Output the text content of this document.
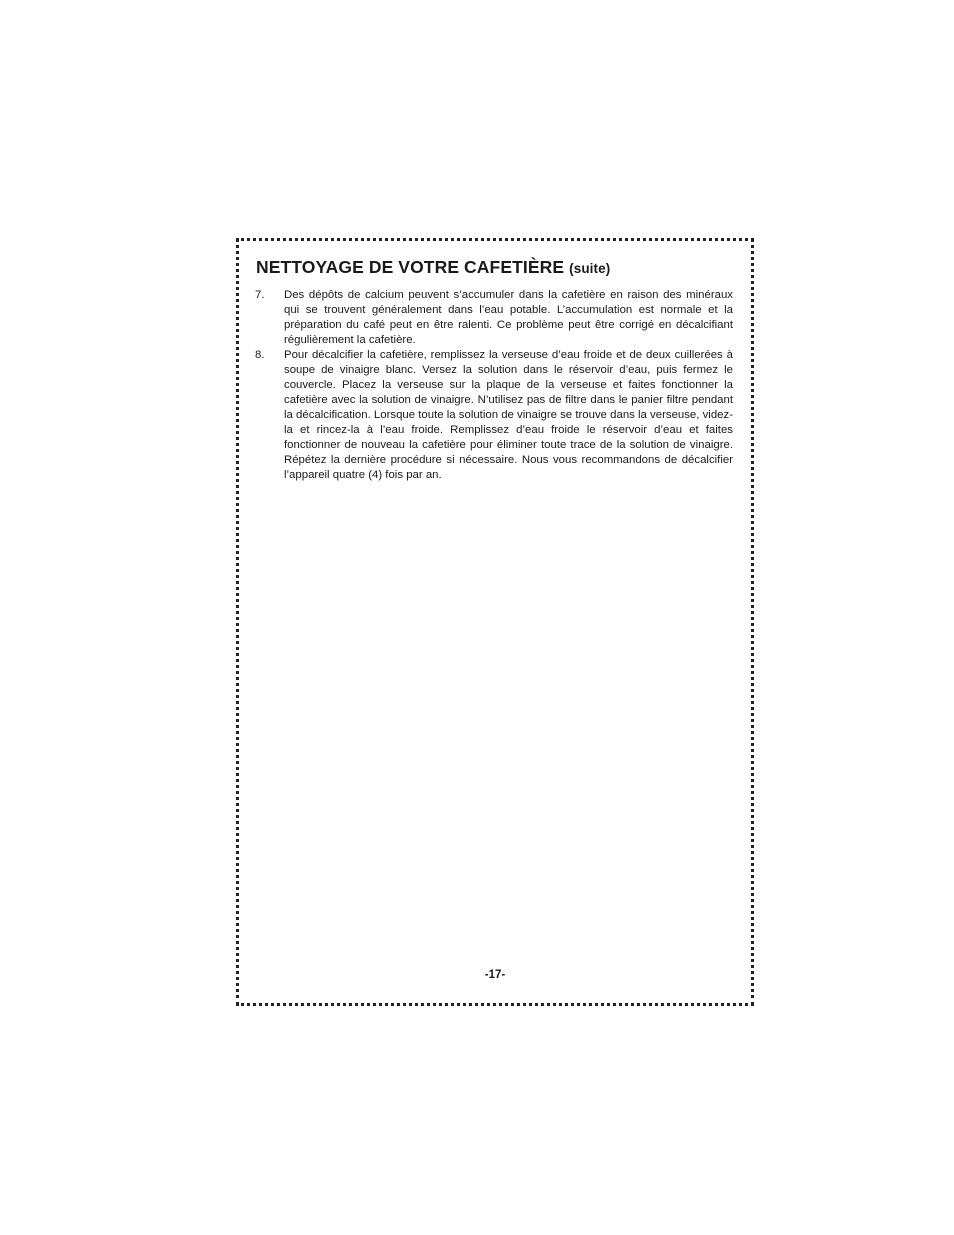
NETTOYAGE DE VOTRE CAFETIÈRE (suite)
7. Des dépôts de calcium peuvent s’accumuler dans la cafetière en raison des minéraux qui se trouvent généralement dans l’eau potable. L’accumulation est normale et la préparation du café peut en être ralenti. Ce problème peut être corrigé en décalcifiant régulièrement la cafetière.
8. Pour décalcifier la cafetière, remplissez la verseuse d’eau froide et de deux cuillerées à soupe de vinaigre blanc. Versez la solution dans le réservoir d’eau, puis fermez le couvercle. Placez la verseuse sur la plaque de la verseuse et faites fonctionner la cafetière avec la solution de vinaigre. N’utilisez pas de filtre dans le panier filtre pendant la décalcification. Lorsque toute la solution de vinaigre se trouve dans la verseuse, videz-la et rincez-la à l’eau froide. Remplissez d’eau froide le réservoir d’eau et faites fonctionner de nouveau la cafetière pour éliminer toute trace de la solution de vinaigre. Répétez la dernière procédure si nécessaire. Nous vous recommandons de décalcifier l’appareil quatre (4) fois par an.
-17-
